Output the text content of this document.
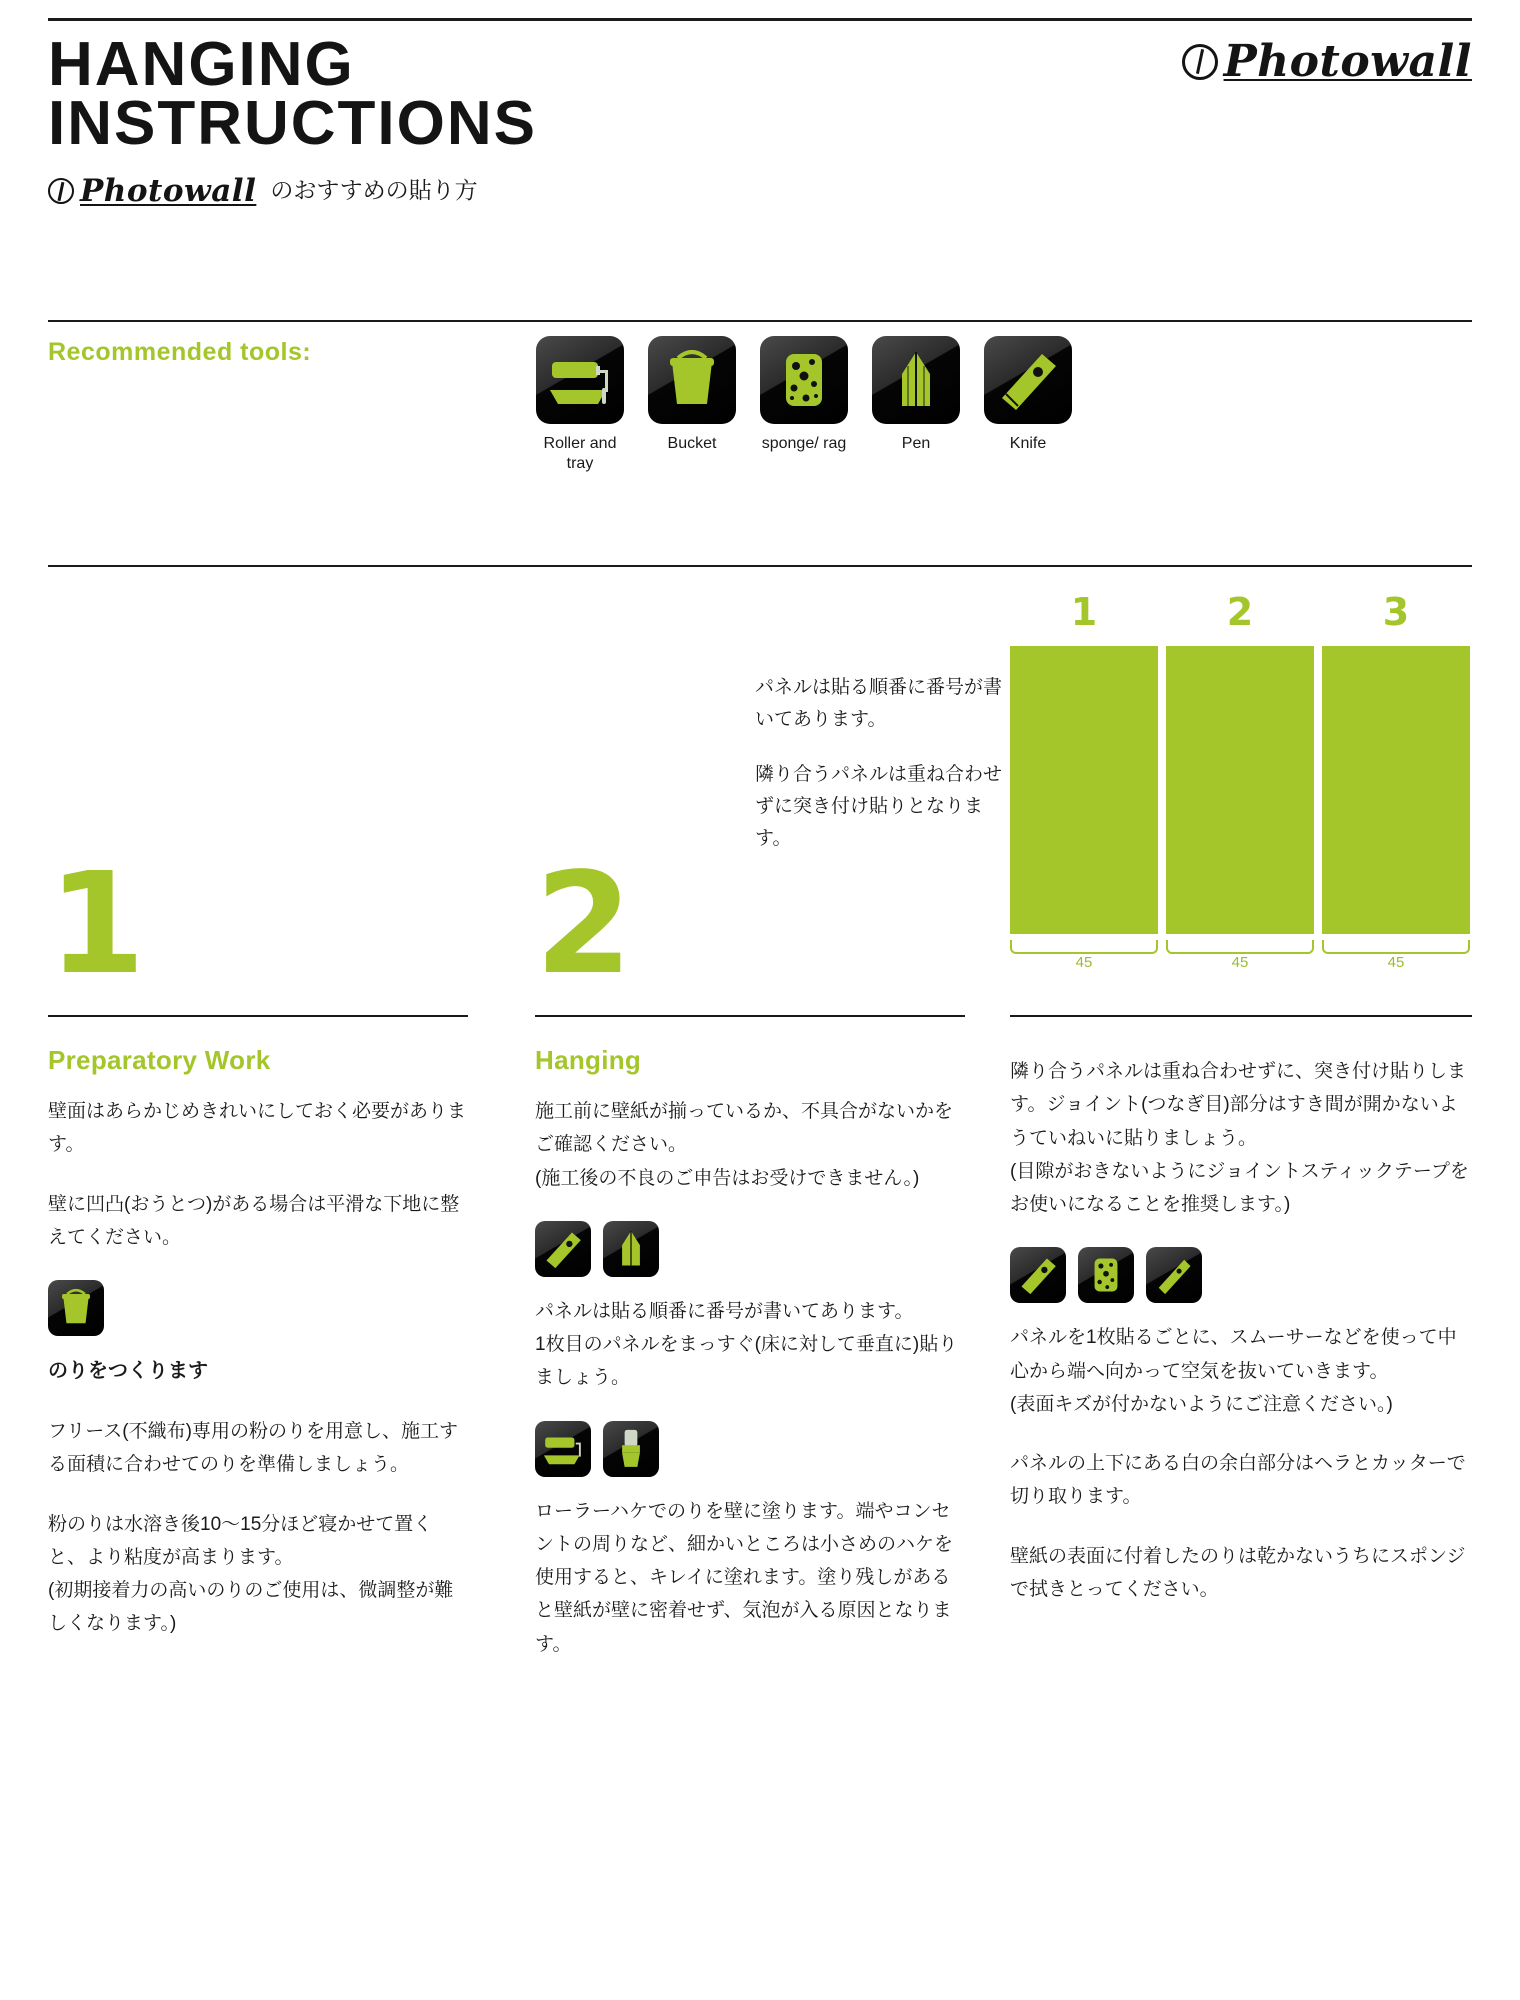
HANGING
INSTRUCTIONS
Photowall のおすすめの貼り方
Photowall
Recommended tools:
Roller and tray
Bucket	sponge/ rag	Pen	Knife
1	2

パネルは貼る順番に番号が書いてあります。

隣り合うパネルは重ね合わせずに突き付け貼りとなります。

1	2	3
45	45	45
Preparatory Work	Hanging

壁面はあらかじめきれいにしておく必要があります。

壁に凹凸(おうとつ)がある場合は平滑な下地に整えてください。

のりをつくります

フリース(不織布)専用の粉のりを用意し、施工する面積に合わせてのりを準備しましょう。

粉のりは水溶き後10〜15分ほど寝かせて置くと、より粘度が高まります。

(初期接着力の高いのりのご使用は、微調整が難しくなります。)

施工前に壁紙が揃っているか、不具合がないかをご確認ください。

(施工後の不良のご申告はお受けできません。)

パネルは貼る順番に番号が書いてあります。

1枚目のパネルをまっすぐ(床に対して垂直に)貼りましょう。

ローラーハケでのりを壁に塗ります。端やコンセントの周りなど、細かいところは小さめのハケを使用すると、キレイに塗れます。塗り残しがあると壁紙が壁に密着せず、気泡が入る原因となります。

隣り合うパネルは重ね合わせずに、突き付け貼りします。ジョイント(つなぎ目)部分はすき間が開かないようていねいに貼りましょう。

(目隙がおきないようにジョイントスティックテープをお使いになることを推奨します。)

パネルを1枚貼るごとに、スムーサーなどを使って中心から端へ向かって空気を抜いていきます。

(表面キズが付かないようにご注意ください。)

パネルの上下にある白の余白部分はヘラとカッターで切り取ります。

壁紙の表面に付着したのりは乾かないうちにスポンジで拭きとってください。
